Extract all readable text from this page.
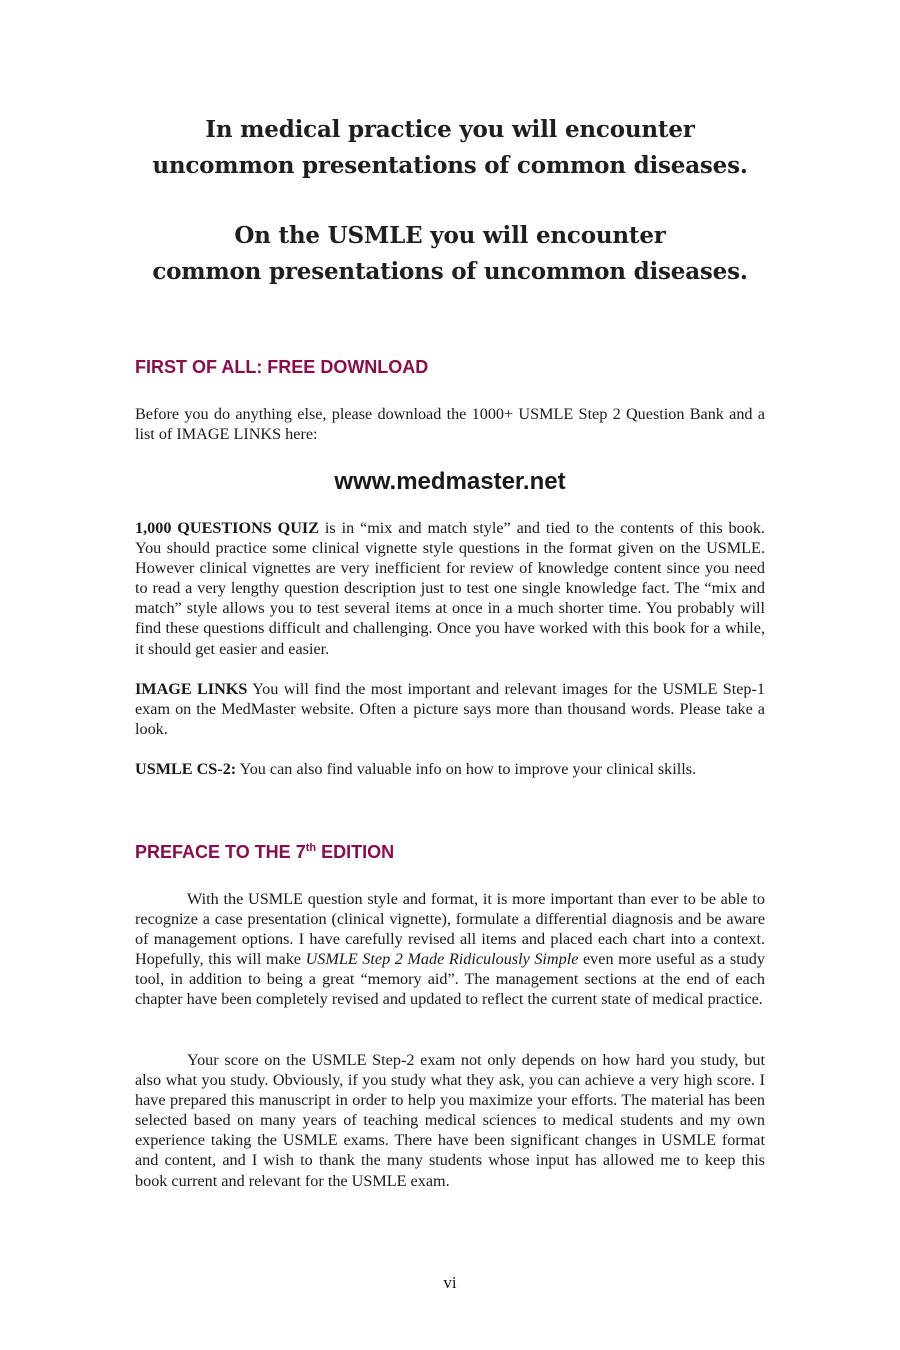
In medical practice you will encounter
uncommon presentations of common diseases.
On the USMLE you will encounter
common presentations of uncommon diseases.
FIRST OF ALL: FREE DOWNLOAD
Before you do anything else, please download the 1000+ USMLE Step 2 Question Bank and a list of IMAGE LINKS here:
www.medmaster.net
1,000 QUESTIONS QUIZ is in “mix and match style” and tied to the contents of this book. You should practice some clinical vignette style questions in the format given on the USMLE. However clinical vignettes are very inefficient for review of knowledge content since you need to read a very lengthy question description just to test one single knowledge fact. The “mix and match” style allows you to test several items at once in a much shorter time. You probably will find these questions difficult and challenging. Once you have worked with this book for a while, it should get easier and easier.
IMAGE LINKS You will find the most important and relevant images for the USMLE Step-1 exam on the MedMaster website. Often a picture says more than thousand words. Please take a look.
USMLE CS-2: You can also find valuable info on how to improve your clinical skills.
PREFACE TO THE 7th EDITION
With the USMLE question style and format, it is more important than ever to be able to recognize a case presentation (clinical vignette), formulate a differential diagnosis and be aware of management options. I have carefully revised all items and placed each chart into a context. Hopefully, this will make USMLE Step 2 Made Ridiculously Simple even more useful as a study tool, in addition to being a great “memory aid”. The management sections at the end of each chapter have been completely revised and updated to reflect the current state of medical practice.
Your score on the USMLE Step-2 exam not only depends on how hard you study, but also what you study. Obviously, if you study what they ask, you can achieve a very high score. I have prepared this manuscript in order to help you maximize your efforts. The material has been selected based on many years of teaching medical sciences to medical students and my own experience taking the USMLE exams. There have been significant changes in USMLE format and content, and I wish to thank the many students whose input has allowed me to keep this book current and relevant for the USMLE exam.
vi
